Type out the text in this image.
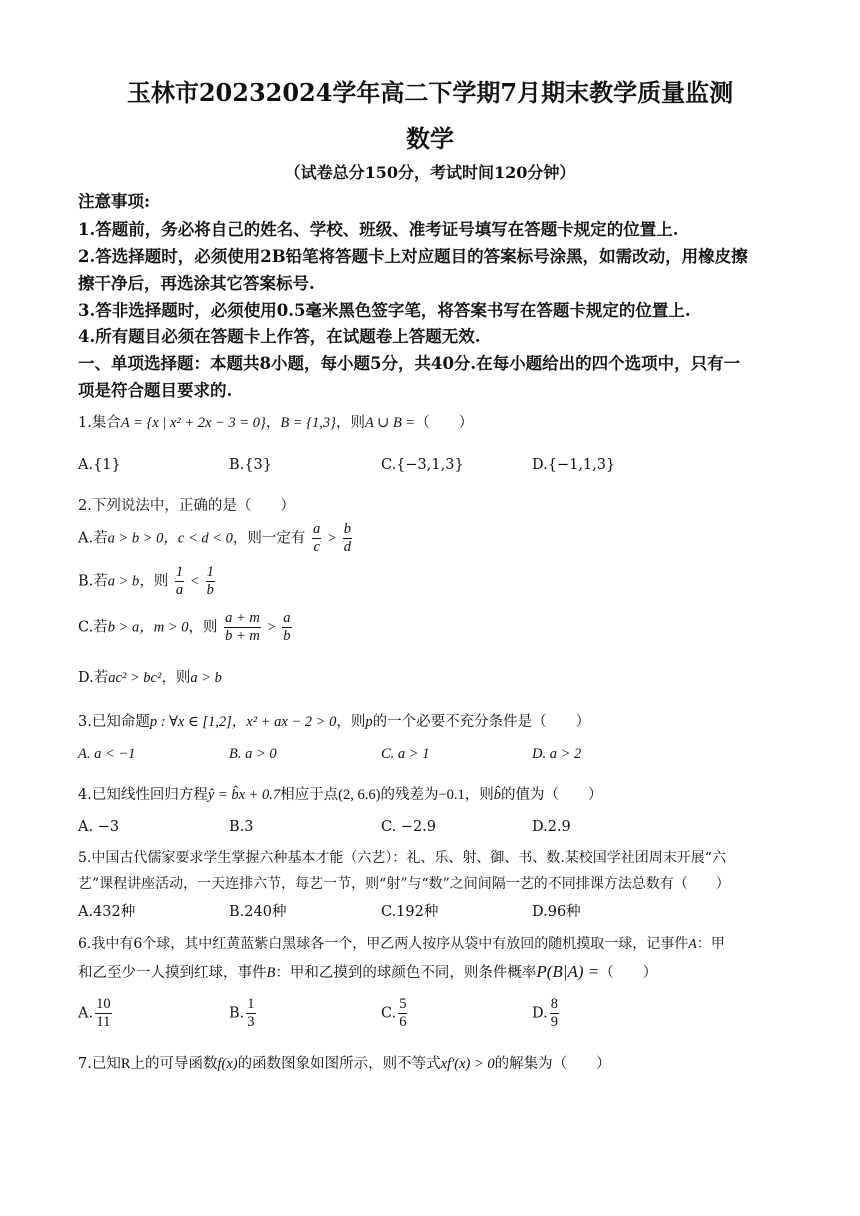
玉林市20232024学年高二下学期7月期末教学质量监测
数学
（试卷总分150分，考试时间120分钟）
注意事项:
1.答题前，务必将自己的姓名、学校、班级、准考证号填写在答题卡规定的位置上.
2.答选择题时，必须使用2B铅笔将答题卡上对应题目的答案标号涂黑，如需改动，用橡皮擦
擦干净后，再选涂其它答案标号.
3.答非选择题时，必须使用0.5毫米黑色签字笔，将答案书写在答题卡规定的位置上.
4.所有题目必须在答题卡上作答，在试题卷上答题无效.
一、单项选择题：本题共8小题，每小题5分，共40分.在每小题给出的四个选项中，只有一
项是符合题目要求的.
1.集合A = {x | x² + 2x − 3 = 0}，B = {1,3}，则A ∪ B =（　　）
A.{1}	B.{3}	C.{−3,1,3}	D.{−1,1,3}
2.下列说法中，正确的是（　　）
A.若a > b > 0，c < d < 0，则一定有 $\frac{a}{c} > \frac{b}{d}$
B.若a > b，则 $\frac{1}{a} < \frac{1}{b}$
C.若b > a，m > 0，则 $\frac{a + m}{b + m} > \frac{a}{b}$
D.若ac² > bc²，则a > b
3.已知命题p : ∀x ∈ [1,2]，x² + ax − 2 > 0，则p的一个必要不充分条件是（　　）
A. a < −1	B. a > 0	C. a > 1	D. a > 2
4.已知线性回归方程ŷ = b̂x + 0.7相应于点(2, 6.6)的残差为−0.1，则b̂的值为（　　）
A. −3	B.3	C. −2.9	D.2.9
5.中国古代儒家要求学生掌握六种基本才能（六艺）：礼、乐、射、御、书、数.某校国学社团周末开展“六
艺”课程讲座活动，一天连排六节，每艺一节，则“射”与“数”之间间隔一艺的不同排课方法总数有（　　）
A.432种	B.240种	C.192种	D.96种
6.我中有6个球，其中红黄蓝紫白黑球各一个，甲乙两人按序从袋中有放回的随机摸取一球，记事件A：甲
和乙至少一人摸到红球，事件B：甲和乙摸到的球颜色不同，则条件概率P(B|A) =（　　）
A. $\frac{10}{11}$	B. $\frac{1}{3}$	C. $\frac{5}{6}$	D. $\frac{8}{9}$
7.已知R上的可导函数f(x)的函数图象如图所示，则不等式xf′(x) > 0的解集为（　　）
